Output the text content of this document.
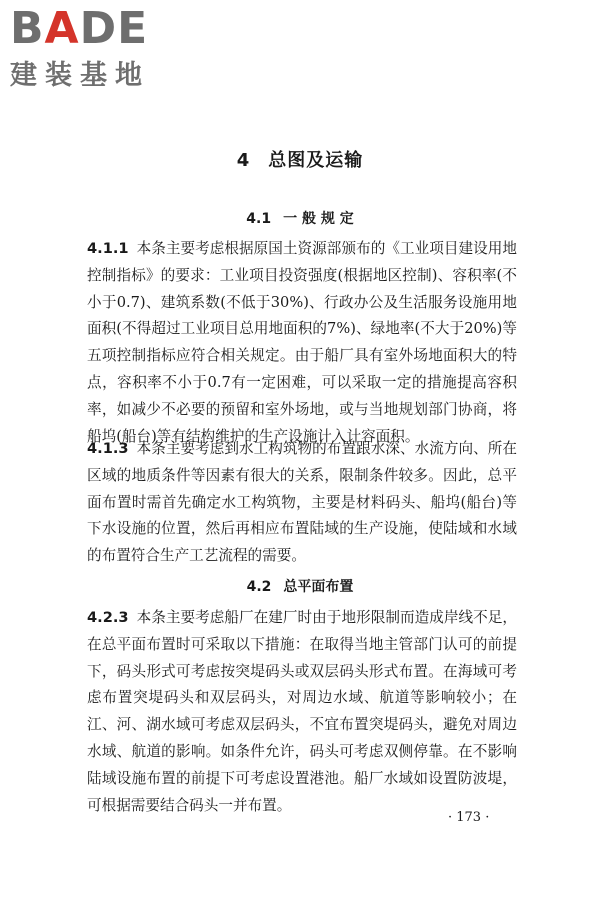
BADE
建装基地
4 总图及运输
4.1 一 般 规 定

4.1.1 本条主要考虑根据原国土资源部颁布的《工业项目建设用地控制指标》的要求：工业项目投资强度(根据地区控制)、容积率(不小于0.7)、建筑系数(不低于30%)、行政办公及生活服务设施用地面积(不得超过工业项目总用地面积的7%)、绿地率(不大于20%)等五项控制指标应符合相关规定。由于船厂具有室外场地面积大的特点，容积率不小于0.7有一定困难，可以采取一定的措施提高容积率，如减少不必要的预留和室外场地，或与当地规划部门协商，将船坞(船台)等有结构维护的生产设施计入计容面积。

4.1.3 本条主要考虑到水工构筑物的布置跟水深、水流方向、所在区域的地质条件等因素有很大的关系，限制条件较多。因此，总平面布置时需首先确定水工构筑物，主要是材料码头、船坞(船台)等下水设施的位置，然后再相应布置陆域的生产设施，使陆域和水域的布置符合生产工艺流程的需要。

4.2 总平面布置

4.2.3 本条主要考虑船厂在建厂时由于地形限制而造成岸线不足，在总平面布置时可采取以下措施：在取得当地主管部门认可的前提下，码头形式可考虑按突堤码头或双层码头形式布置。在海域可考虑布置突堤码头和双层码头，对周边水域、航道等影响较小；在江、河、湖水域可考虑双层码头，不宜布置突堤码头，避免对周边水域、航道的影响。如条件允许，码头可考虑双侧停靠。在不影响陆域设施布置的前提下可考虑设置港池。船厂水域如设置防波堤，可根据需要结合码头一并布置。

· 173 ·
